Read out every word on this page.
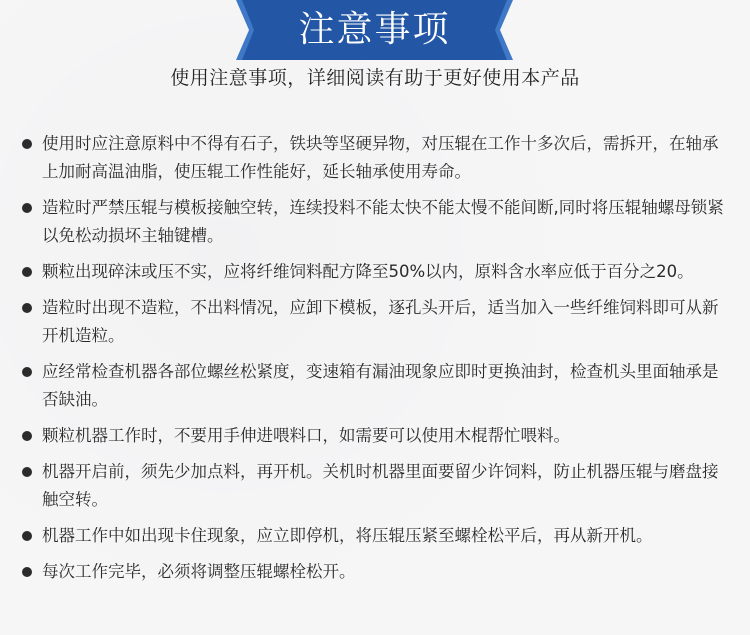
注意事项
使用注意事项，详细阅读有助于更好使用本产品
使用时应注意原料中不得有石子，铁块等坚硬异物，对压辊在工作十多次后，需拆开，在轴承上加耐高温油脂，使压辊工作性能好，延长轴承使用寿命。
造粒时严禁压辊与模板接触空转，连续投料不能太快不能太慢不能间断,同时将压辊轴螺母锁紧以免松动损坏主轴键槽。
颗粒出现碎沫或压不实，应将纤维饲料配方降至50%以内，原料含水率应低于百分之20。
造粒时出现不造粒，不出料情况，应卸下模板，逐孔头开后，适当加入一些纤维饲料即可从新开机造粒。
应经常检查机器各部位螺丝松紧度，变速箱有漏油现象应即时更换油封，检查机头里面轴承是否缺油。
颗粒机器工作时，不要用手伸进喂料口，如需要可以使用木棍帮忙喂料。
机器开启前，须先少加点料，再开机。关机时机器里面要留少许饲料，防止机器压辊与磨盘接触空转。
机器工作中如出现卡住现象，应立即停机，将压辊压紧至螺栓松平后，再从新开机。
每次工作完毕，必须将调整压辊螺栓松开。
